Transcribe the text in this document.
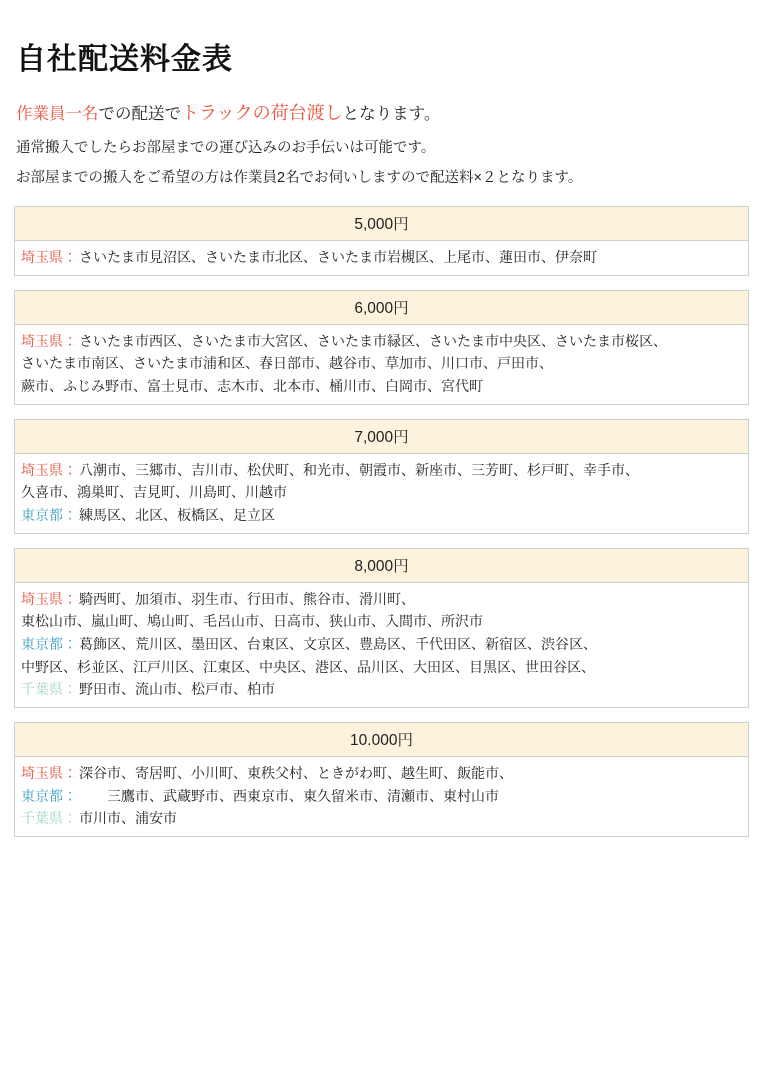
自社配送料金表

作業員一名での配送でトラックの荷台渡しとなります。

通常搬入でしたらお部屋までの運び込みのお手伝いは可能です。

お部屋までの搬入をご希望の方は作業員2名でお伺いしますので配送料×２となります。

5,000円
埼玉県： さいたま市見沼区、さいたま市北区、さいたま市岩槻区、上尾市、蓮田市、伊奈町
6,000円
埼玉県： さいたま市西区、さいたま市大宮区、さいたま市緑区、さいたま市中央区、さいたま市桜区、
さいたま市南区、さいたま市浦和区、春日部市、越谷市、草加市、川口市、戸田市、
蕨市、ふじみ野市、富士見市、志木市、北本市、桶川市、白岡市、宮代町
7,000円
埼玉県： 八潮市、三郷市、吉川市、松伏町、和光市、朝霞市、新座市、三芳町、杉戸町、幸手市、
久喜市、鴻巣町、吉見町、川島町、川越市
東京都： 練馬区、北区、板橋区、足立区
8,000円
埼玉県： 騎西町、加須市、羽生市、行田市、熊谷市、滑川町、
東松山市、嵐山町、鳩山町、毛呂山市、日高市、狭山市、入間市、所沢市
東京都： 葛飾区、荒川区、墨田区、台東区、文京区、豊島区、千代田区、新宿区、渋谷区、
中野区、杉並区、江戸川区、江東区、中央区、港区、品川区、大田区、目黒区、世田谷区、
千葉県： 野田市、流山市、松戸市、柏市
10.000円
埼玉県： 深谷市、寄居町、小川町、東秩父村、ときがわ町、越生町、飯能市、
東京都： 　　三鷹市、武蔵野市、西東京市、東久留米市、清瀬市、東村山市
千葉県： 市川市、浦安市
